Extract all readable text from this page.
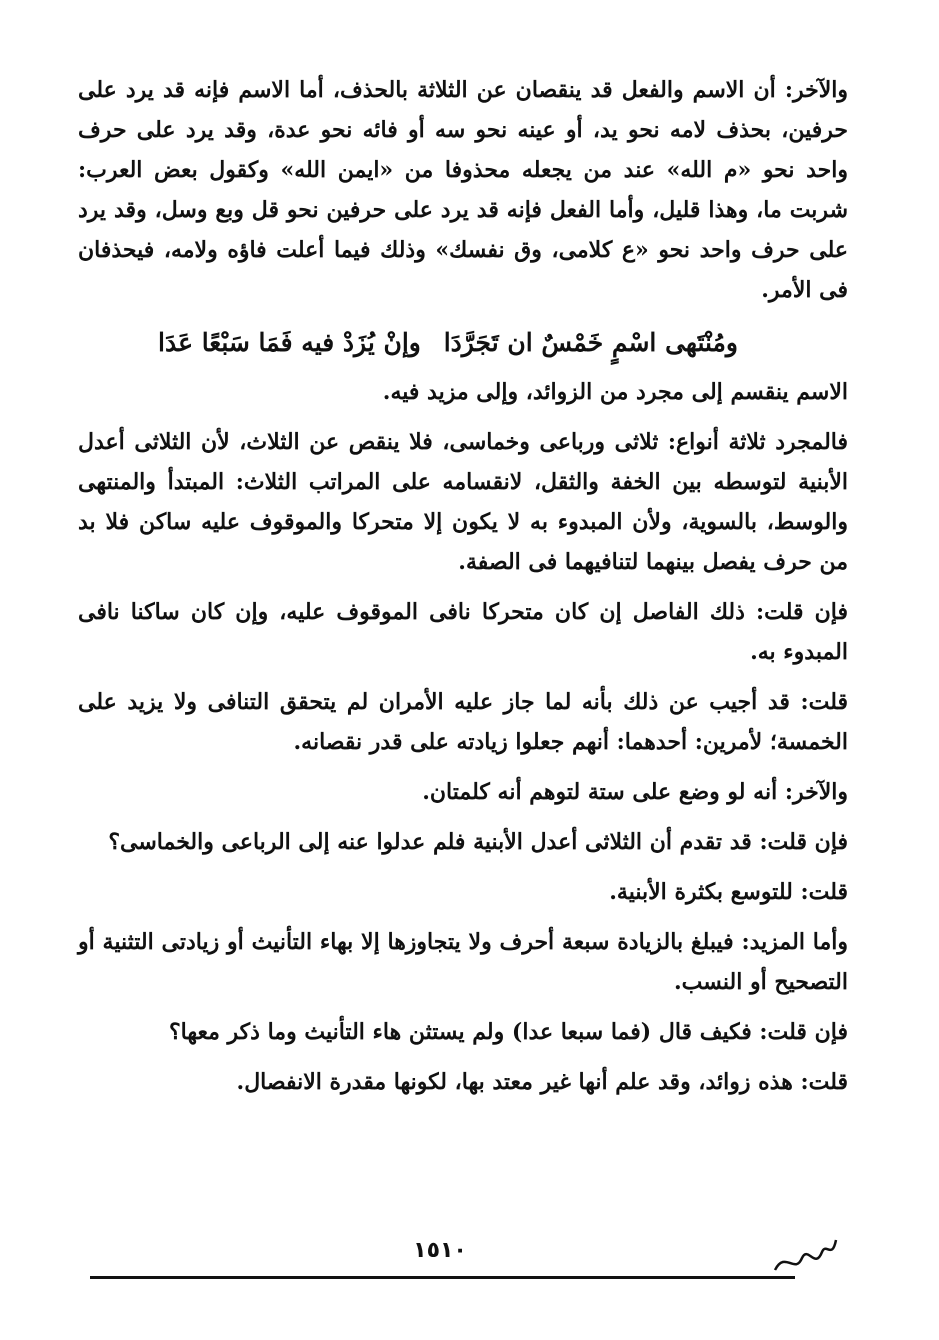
والآخر: أن الاسم والفعل قد ينقصان عن الثلاثة بالحذف، أما الاسم فإنه قد يرد على حرفين، بحذف لامه نحو يد، أو عينه نحو سه أو فائه نحو عدة، وقد يرد على حرف واحد نحو «م الله» عند من يجعله محذوفا من «ايمن الله» وكقول بعض العرب: شربت ما، وهذا قليل، وأما الفعل فإنه قد يرد على حرفين نحو قل وبع وسل، وقد يرد على حرف واحد نحو «ع كلامى، وق نفسك» وذلك فيما أعلت فاؤه ولامه، فيحذفان فى الأمر.

ومُنْتَهى اسْمٍ خَمْسٌ ان تَجَرَّدَا
وإنْ يُزَدْ فيه فَمَا سَبْعًا عَدَا

الاسم ينقسم إلى مجرد من الزوائد، وإلى مزيد فيه.

فالمجرد ثلاثة أنواع: ثلاثى ورباعى وخماسى، فلا ينقص عن الثلاث، لأن الثلاثى أعدل الأبنية لتوسطه بين الخفة والثقل، لانقسامه على المراتب الثلاث: المبتدأ والمنتهى والوسط، بالسوية، ولأن المبدوء به لا يكون إلا متحركا والموقوف عليه ساكن فلا بد من حرف يفصل بينهما لتنافيهما فى الصفة.

فإن قلت: ذلك الفاصل إن كان متحركا نافى الموقوف عليه، وإن كان ساكنا نافى المبدوء به.

قلت: قد أجيب عن ذلك بأنه لما جاز عليه الأمران لم يتحقق التنافى ولا يزيد على الخمسة؛ لأمرين: أحدهما: أنهم جعلوا زيادته على قدر نقصانه.

والآخر: أنه لو وضع على ستة لتوهم أنه كلمتان.

فإن قلت: قد تقدم أن الثلاثى أعدل الأبنية فلم عدلوا عنه إلى الرباعى والخماسى؟

قلت: للتوسع بكثرة الأبنية.

وأما المزيد: فيبلغ بالزيادة سبعة أحرف ولا يتجاوزها إلا بهاء التأنيث أو زيادتى التثنية أو التصحيح أو النسب.

فإن قلت: فكيف قال (فما سبعا عدا) ولم يستثن هاء التأنيث وما ذكر معها؟

قلت: هذه زوائد، وقد علم أنها غير معتد بها، لكونها مقدرة الانفصال.

١٥١٠
